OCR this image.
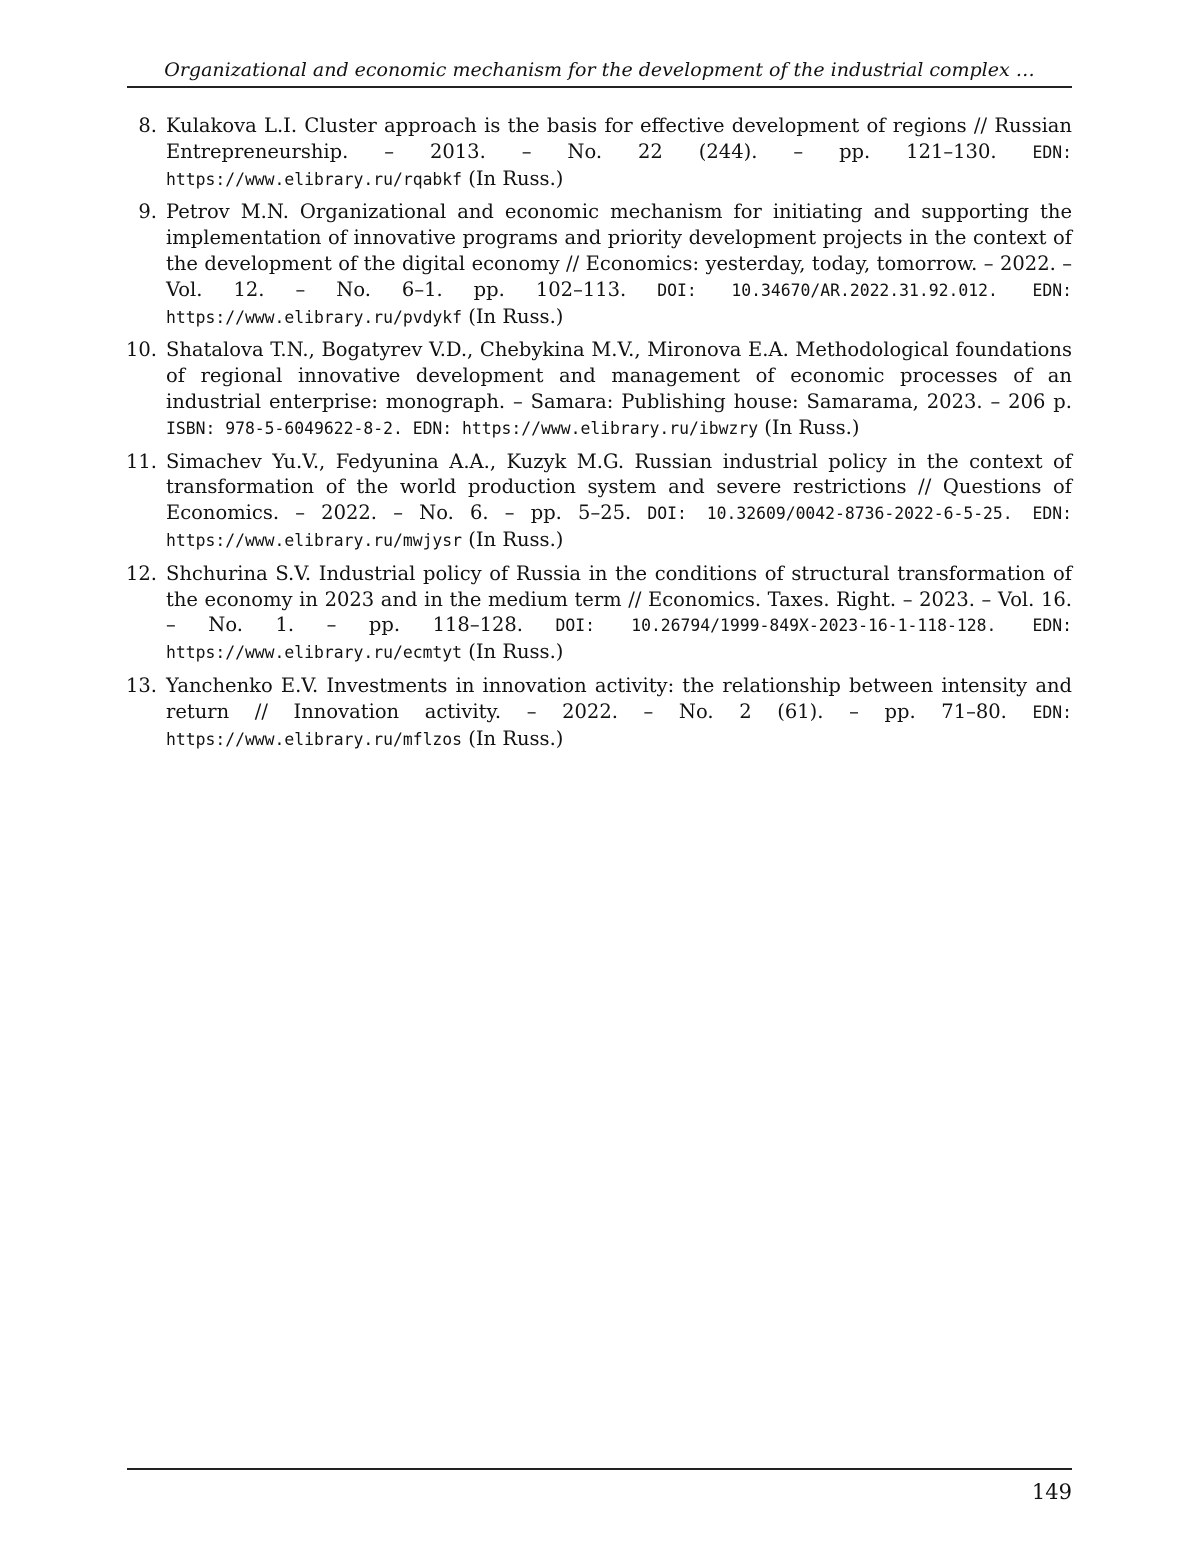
Organizational and economic mechanism for the development of the industrial complex …
8. Kulakova L.I. Cluster approach is the basis for effective development of regions // Russian Entrepreneurship. – 2013. – No. 22 (244). – pp. 121–130. EDN: https://www.elibrary.ru/rqabkf (In Russ.)
9. Petrov M.N. Organizational and economic mechanism for initiating and supporting the implementation of innovative programs and priority development projects in the context of the development of the digital economy // Economics: yesterday, today, tomorrow. – 2022. – Vol. 12. – No. 6–1. pp. 102–113. DOI: 10.34670/AR.2022.31.92.012. EDN: https://www.elibrary.ru/pvdykf (In Russ.)
10. Shatalova T.N., Bogatyrev V.D., Chebykina M.V., Mironova E.A. Methodological foundations of regional innovative development and management of economic processes of an industrial enterprise: monograph. – Samara: Publishing house: Samarama, 2023. – 206 p. ISBN: 978-5-6049622-8-2. EDN: https://www.elibrary.ru/ibwzry (In Russ.)
11. Simachev Yu.V., Fedyunina A.A., Kuzyk M.G. Russian industrial policy in the context of transformation of the world production system and severe restrictions // Questions of Economics. – 2022. – No. 6. – pp. 5–25. DOI: 10.32609/0042-8736-2022-6-5-25. EDN: https://www.elibrary.ru/mwjysr (In Russ.)
12. Shchurina S.V. Industrial policy of Russia in the conditions of structural transformation of the economy in 2023 and in the medium term // Economics. Taxes. Right. – 2023. – Vol. 16. – No. 1. – pp. 118–128. DOI: 10.26794/1999-849X-2023-16-1-118-128. EDN: https://www.elibrary.ru/ecmtyt (In Russ.)
13. Yanchenko E.V. Investments in innovation activity: the relationship between intensity and return // Innovation activity. – 2022. – No. 2 (61). – pp. 71–80. EDN: https://www.elibrary.ru/mflzos (In Russ.)
149
